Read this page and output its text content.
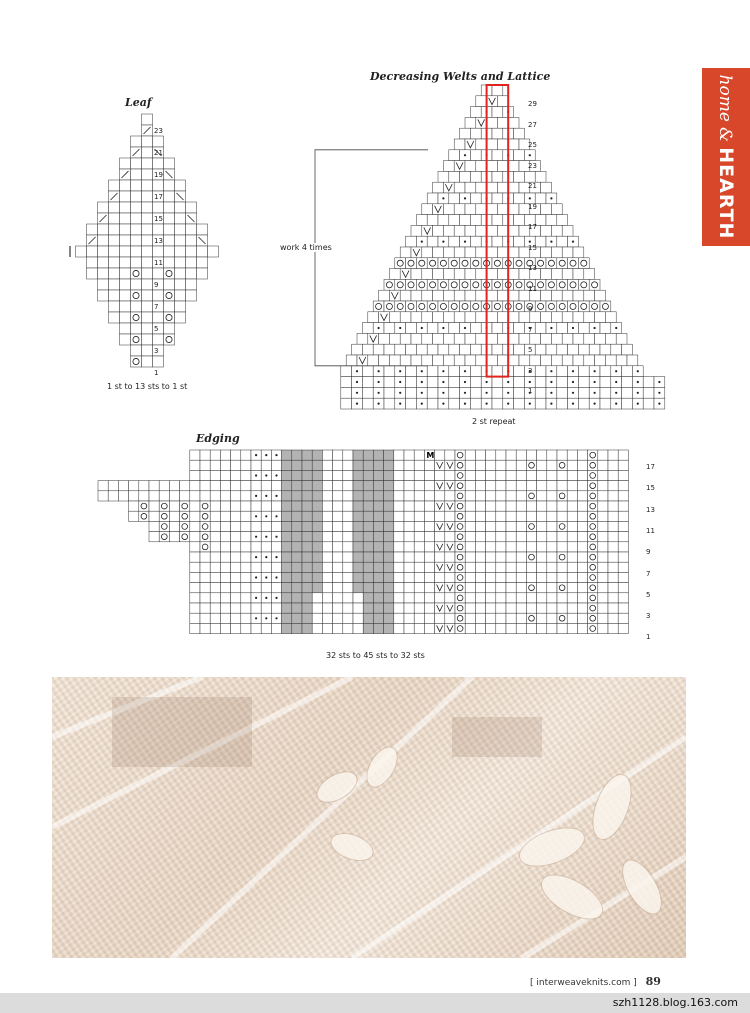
home & HEARTH
Leaf
1 st to 13 sts to 1 st
23
21
19
17
15
13
11
9
7
5
3
1
Decreasing Welts and Lattice
work 4 times
2 st repeat
29
27
25
23
21
19
17
15
13
11
9
7
5
3
1
Edging
M
32 sts to 45 sts to 32 sts
17
15
13
11
9
7
5
3
1
[ interweaveknits.com ] 89
szh1128.blog.163.com
